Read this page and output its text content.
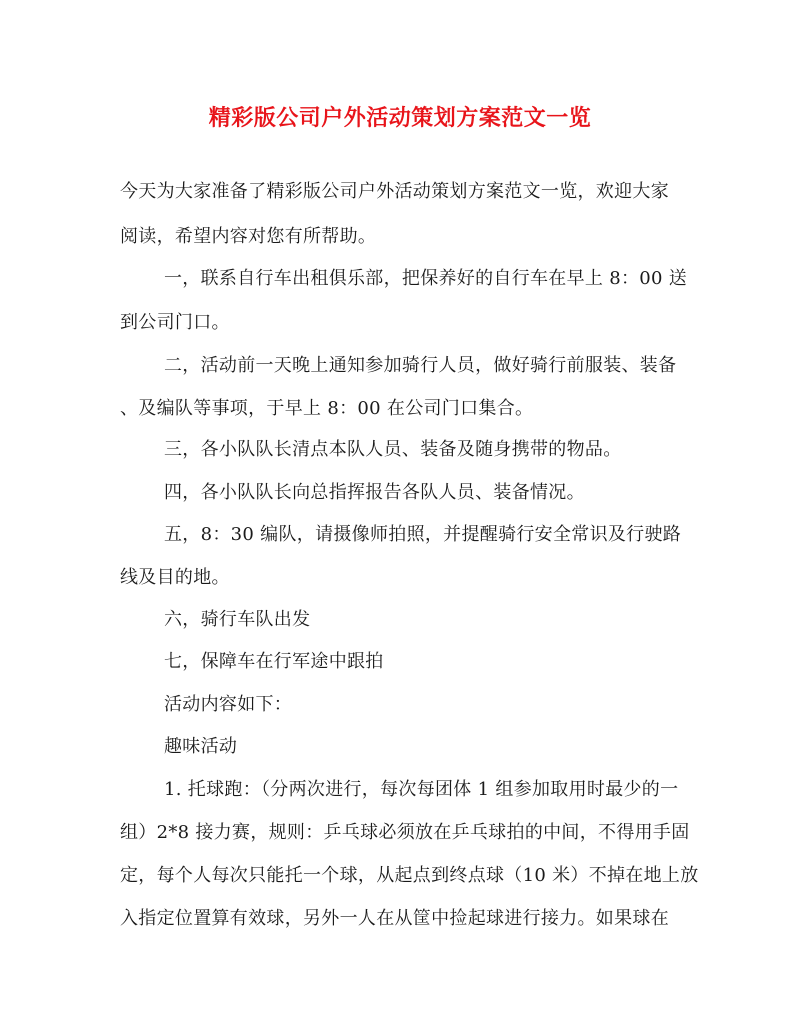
精彩版公司户外活动策划方案范文一览
今天为大家准备了精彩版公司户外活动策划方案范文一览，欢迎大家
阅读，希望内容对您有所帮助。
一，联系自行车出租俱乐部，把保养好的自行车在早上 8：00 送
到公司门口。
二，活动前一天晚上通知参加骑行人员，做好骑行前服装、装备
、及编队等事项，于早上 8：00 在公司门口集合。
三，各小队队长清点本队人员、装备及随身携带的物品。
四，各小队队长向总指挥报告各队人员、装备情况。
五，8：30 编队，请摄像师拍照，并提醒骑行安全常识及行驶路
线及目的地。
六，骑行车队出发
七，保障车在行军途中跟拍
活动内容如下：
趣味活动
1. 托球跑：（分两次进行，每次每团体 1 组参加取用时最少的一
组）2*8 接力赛，规则：乒乓球必须放在乒乓球拍的中间，不得用手固
定，每个人每次只能托一个球，从起点到终点球（10 米）不掉在地上放
入指定位置算有效球，另外一人在从筐中捡起球进行接力。如果球在
